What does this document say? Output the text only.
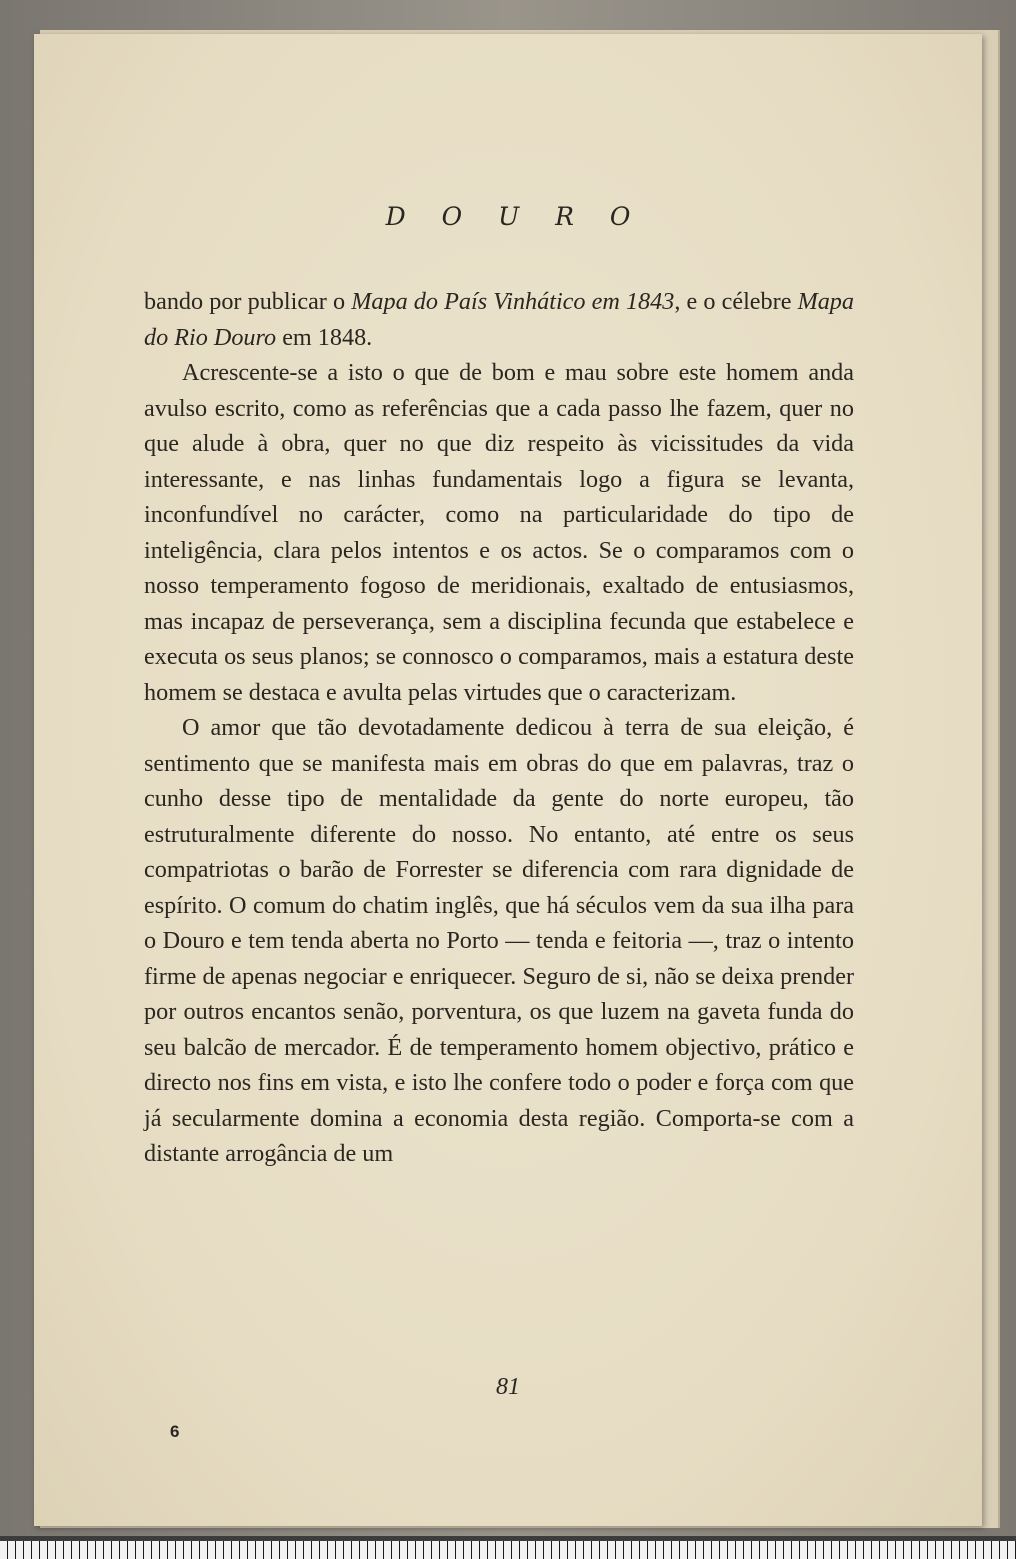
D O U R O

bando por publicar o Mapa do País Vinhático em 1843, e o célebre Mapa do Rio Douro em 1848.

Acrescente-se a isto o que de bom e mau sobre este homem anda avulso escrito, como as referências que a cada passo lhe fazem, quer no que alude à obra, quer no que diz respeito às vicissitudes da vida interessante, e nas linhas fundamentais logo a figura se levanta, inconfundível no carácter, como na particularidade do tipo de inteligência, clara pelos intentos e os actos. Se o comparamos com o nosso temperamento fogoso de meridionais, exaltado de entusiasmos, mas incapaz de perseverança, sem a disciplina fecunda que estabelece e executa os seus planos; se connosco o comparamos, mais a estatura deste homem se destaca e avulta pelas virtudes que o caracterizam.

O amor que tão devotadamente dedicou à terra de sua eleição, é sentimento que se manifesta mais em obras do que em palavras, traz o cunho desse tipo de mentalidade da gente do norte europeu, tão estruturalmente diferente do nosso. No entanto, até entre os seus compatriotas o barão de Forrester se diferencia com rara dignidade de espírito. O comum do chatim inglês, que há séculos vem da sua ilha para o Douro e tem tenda aberta no Porto — tenda e feitoria —, traz o intento firme de apenas negociar e enriquecer. Seguro de si, não se deixa prender por outros encantos senão, porventura, os que luzem na gaveta funda do seu balcão de mercador. É de temperamento homem objectivo, prático e directo nos fins em vista, e isto lhe confere todo o poder e força com que já secularmente domina a economia desta região. Comporta-se com a distante arrogância de um

81
6
